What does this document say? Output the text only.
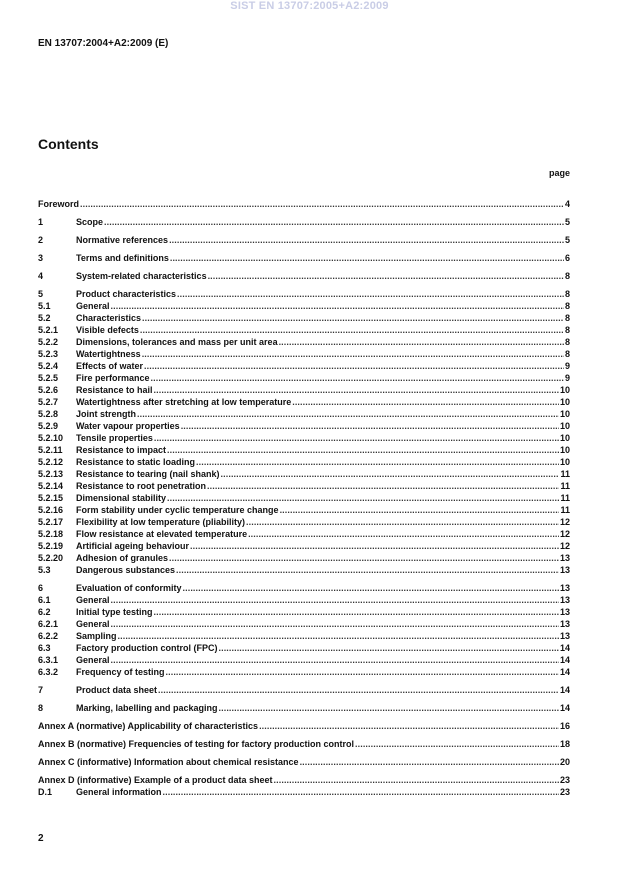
SIST EN 13707:2005+A2:2009
EN 13707:2004+A2:2009 (E)
Contents
page
Foreword .....	4
1	Scope .....	5
2	Normative references .....	5
3	Terms and definitions .....	6
4	System-related characteristics .....	8
5	Product characteristics .....	8
5.1	General .....	8
5.2	Characteristics .....	8
5.2.1	Visible defects .....	8
5.2.2	Dimensions, tolerances and mass per unit area .....	8
5.2.3	Watertightness .....	8
5.2.4	Effects of water .....	9
5.2.5	Fire performance .....	9
5.2.6	Resistance to hail .....	10
5.2.7	Watertightness after stretching at low temperature .....	10
5.2.8	Joint strength .....	10
5.2.9	Water vapour properties .....	10
5.2.10	Tensile properties .....	10
5.2.11	Resistance to impact .....	10
5.2.12	Resistance to static loading .....	10
5.2.13	Resistance to tearing (nail shank) .....	11
5.2.14	Resistance to root penetration .....	11
5.2.15	Dimensional stability .....	11
5.2.16	Form stability under cyclic temperature change .....	11
5.2.17	Flexibility at low temperature (pliability) .....	12
5.2.18	Flow resistance at elevated temperature .....	12
5.2.19	Artificial ageing behaviour .....	12
5.2.20	Adhesion of granules .....	13
5.3	Dangerous substances .....	13
6	Evaluation of conformity .....	13
6.1	General .....	13
6.2	Initial type testing .....	13
6.2.1	General .....	13
6.2.2	Sampling .....	13
6.3	Factory production control (FPC) .....	14
6.3.1	General .....	14
6.3.2	Frequency of testing .....	14
7	Product data sheet .....	14
8	Marking, labelling and packaging .....	14
Annex A (normative) Applicability of characteristics .....	16
Annex B (normative) Frequencies of testing for factory production control .....	18
Annex C (informative) Information about chemical resistance .....	20
Annex D (informative) Example of a product data sheet .....	23
D.1	General information .....	23
2
